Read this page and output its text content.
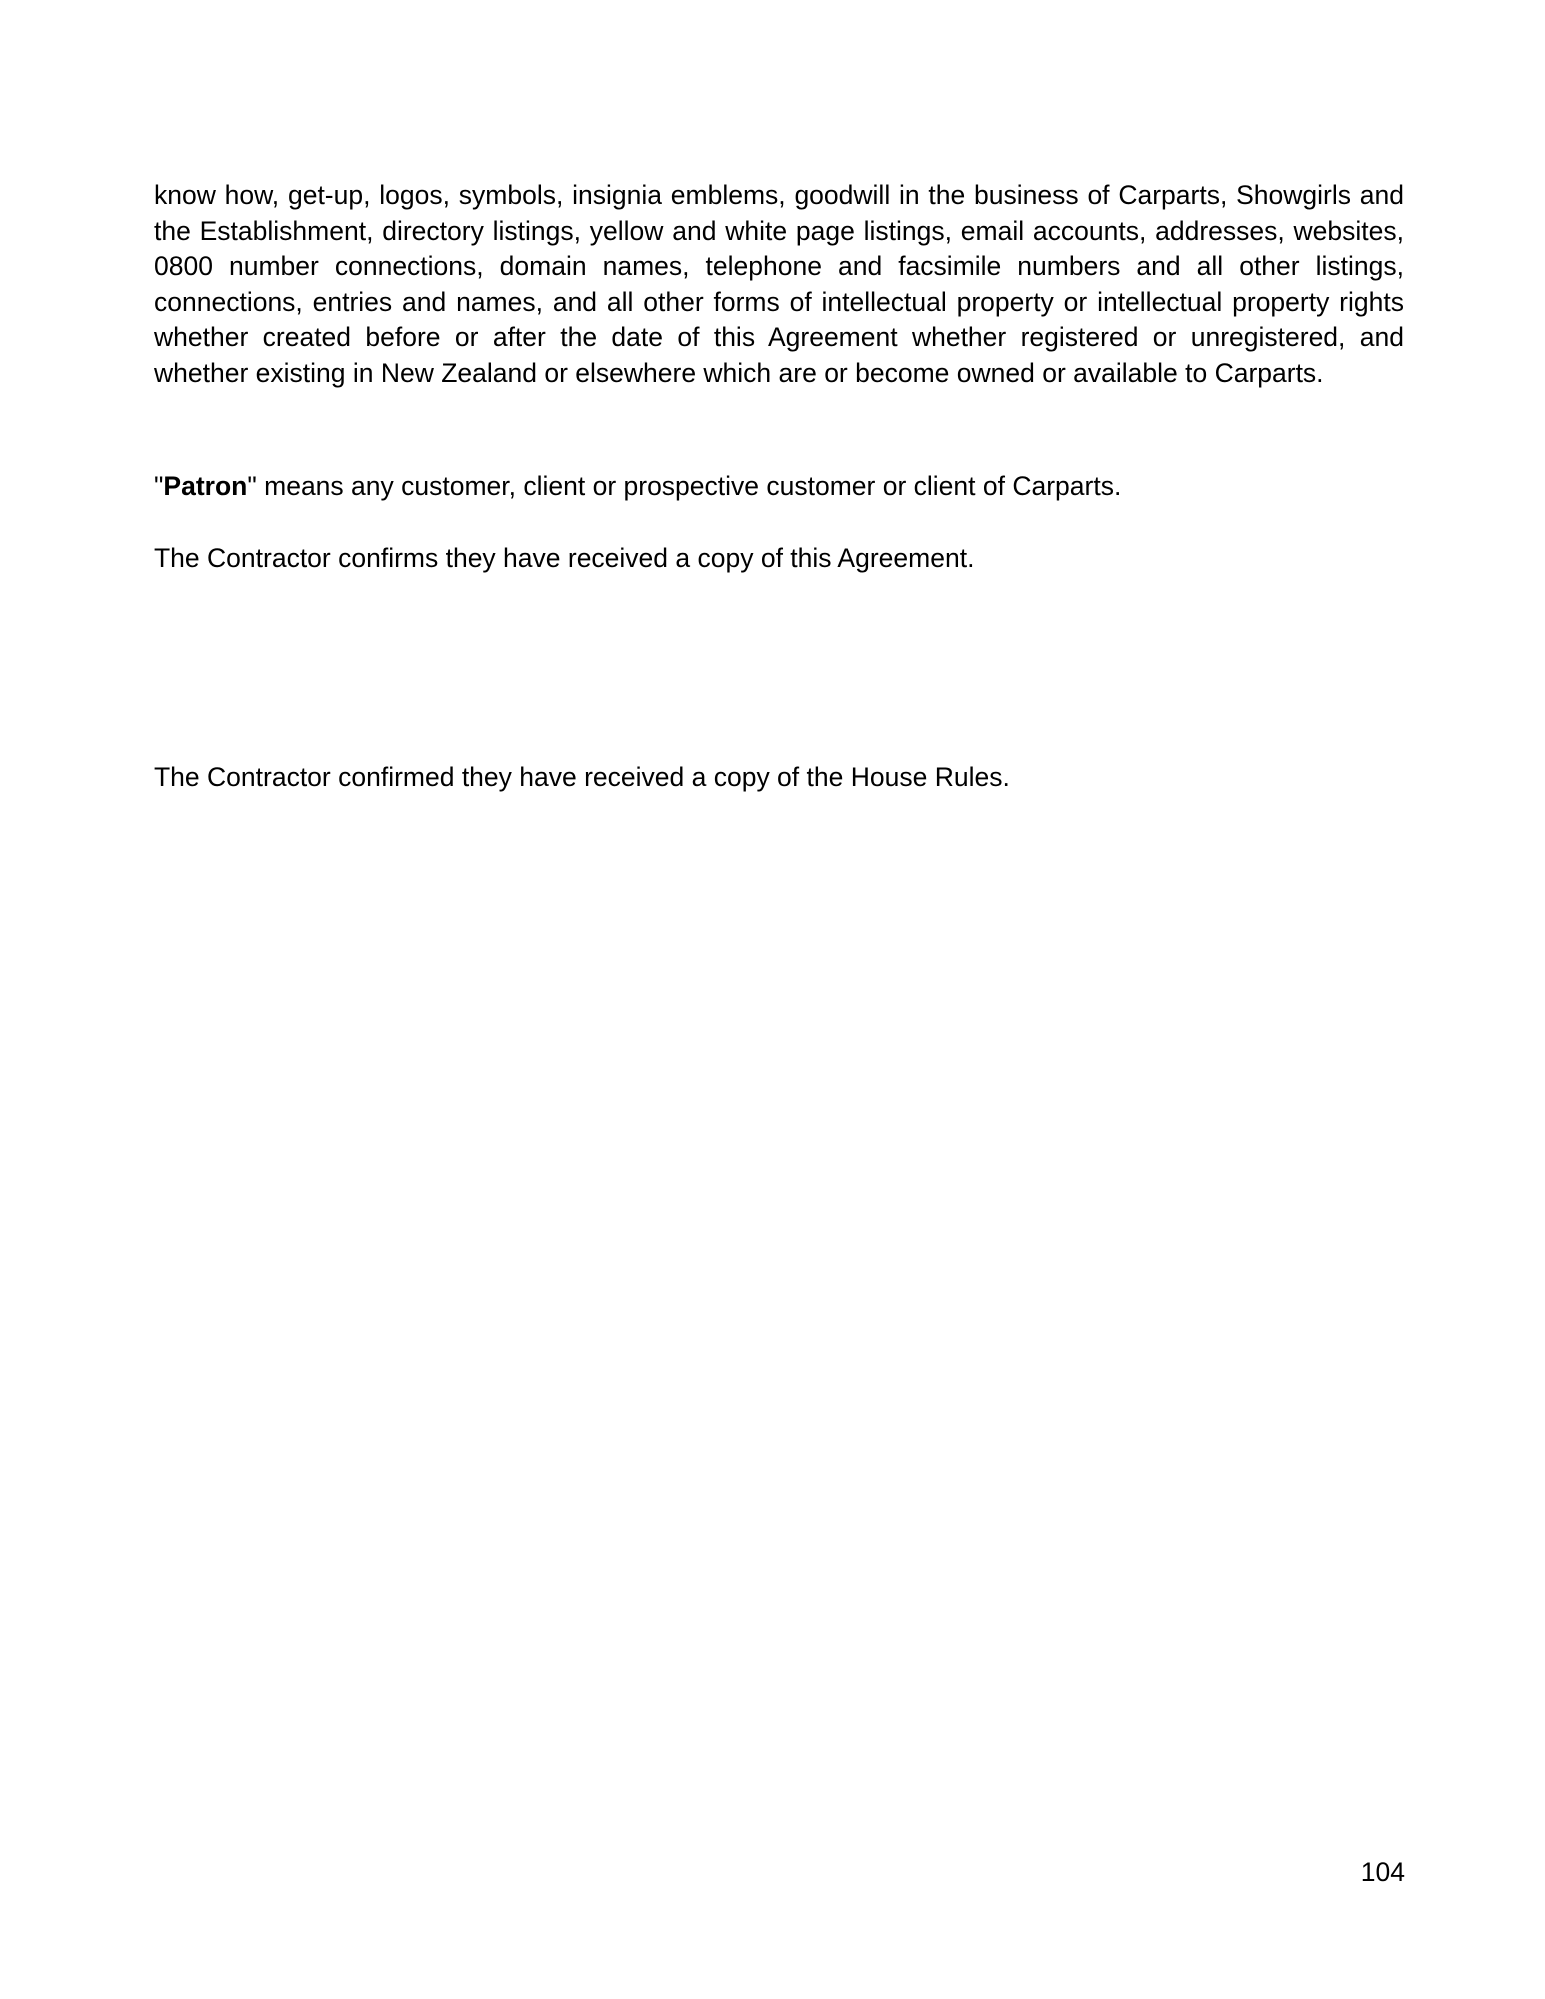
know how, get-up, logos, symbols, insignia emblems, goodwill in the business of Carparts, Showgirls and the Establishment, directory listings, yellow and white page listings, email accounts, addresses, websites, 0800 number connections, domain names, telephone and facsimile numbers and all other listings, connections, entries and names, and all other forms of intellectual property or intellectual property rights whether created before or after the date of this Agreement whether registered or unregistered, and whether existing in New Zealand or elsewhere which are or become owned or available to Carparts.

"Patron" means any customer, client or prospective customer or client of Carparts.

The Contractor confirms they have received a copy of this Agreement.

The Contractor confirmed they have received a copy of the House Rules.

104
